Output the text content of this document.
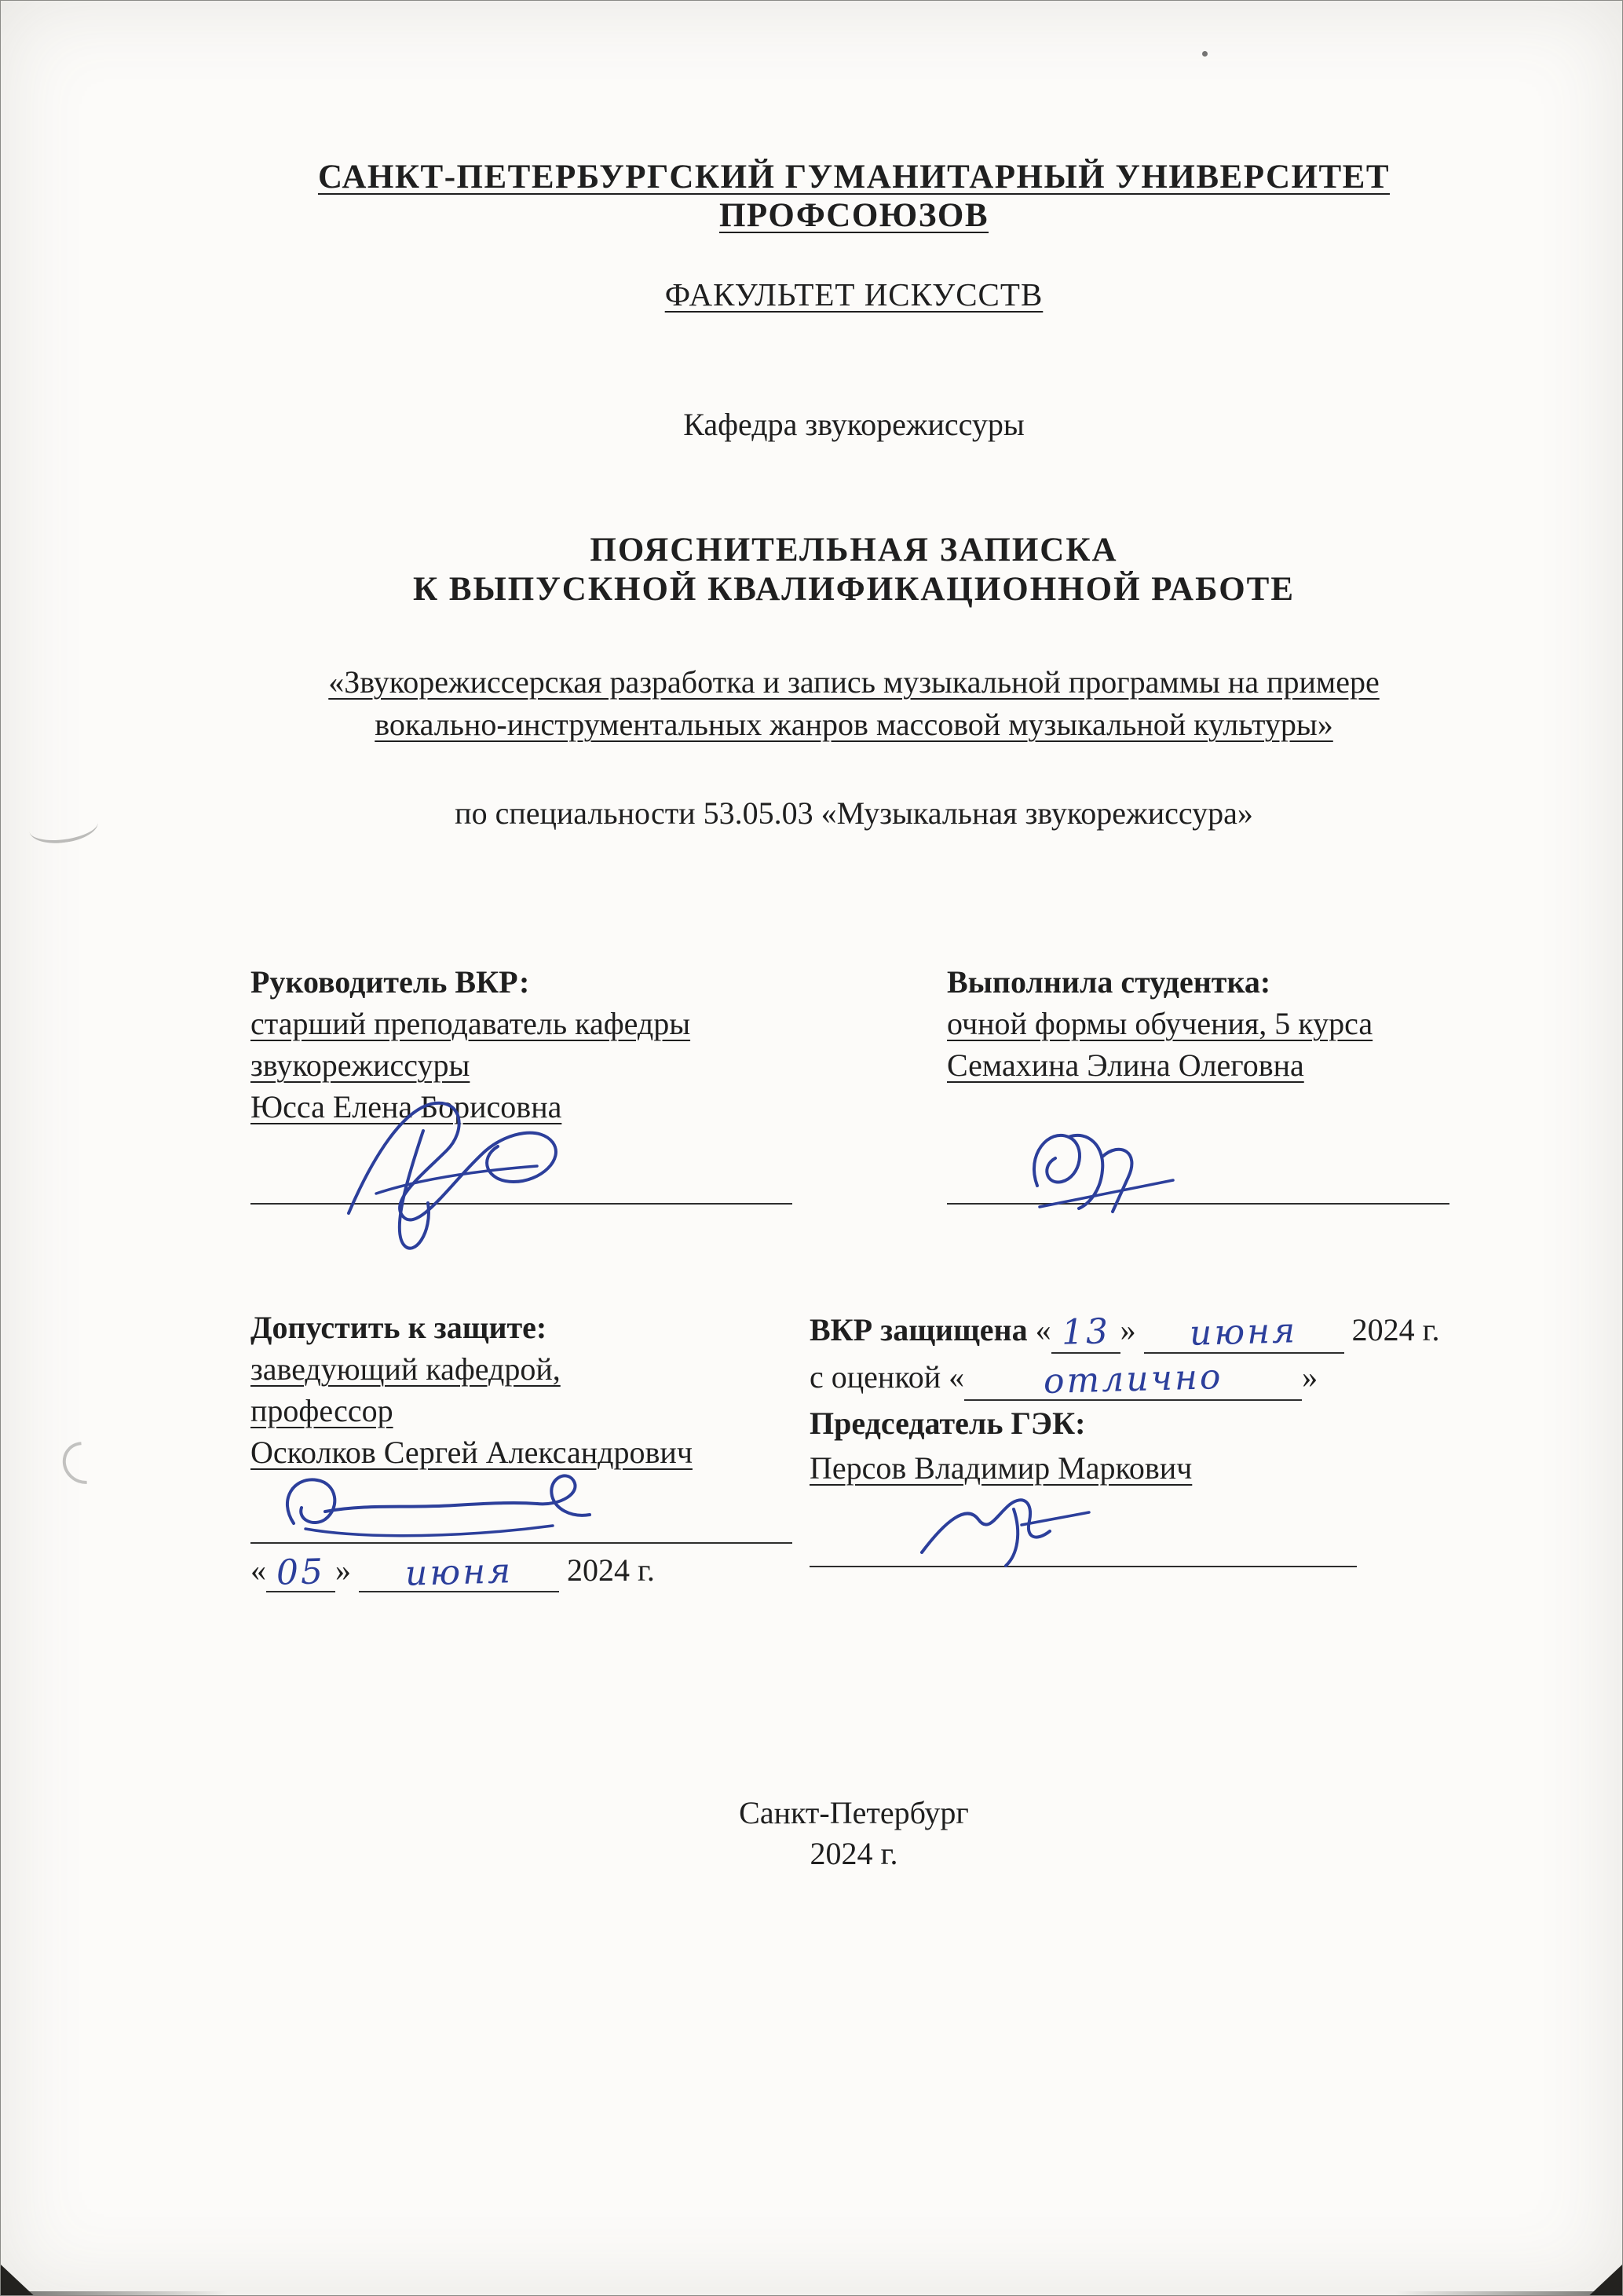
САНКТ-ПЕТЕРБУРГСКИЙ ГУМАНИТАРНЫЙ УНИВЕРСИТЕТ ПРОФСОЮЗОВ
ФАКУЛЬТЕТ ИСКУССТВ
Кафедра звукорежиссуры
ПОЯСНИТЕЛЬНАЯ ЗАПИСКА
К ВЫПУСКНОЙ КВАЛИФИКАЦИОННОЙ РАБОТЕ
«Звукорежиссерская разработка и запись музыкальной программы на примере
вокально-инструментальных жанров массовой музыкальной культуры»
по специальности 53.05.03 «Музыкальная звукорежиссура»
Руководитель ВКР:
старший преподаватель кафедры
звукорежиссуры
Юсса Елена Борисовна
Выполнила студентка:
очной формы обучения, 5 курса
Семахина Элина Олеговна
Допустить к защите:
заведующий кафедрой,
профессор
Осколков Сергей Александрович
« 05 » июня 2024 г.
ВКР защищена « 13 » июня 2024 г.
с оценкой « отлично	»
Председатель ГЭК:
Персов Владимир Маркович
Санкт-Петербург
2024 г.
